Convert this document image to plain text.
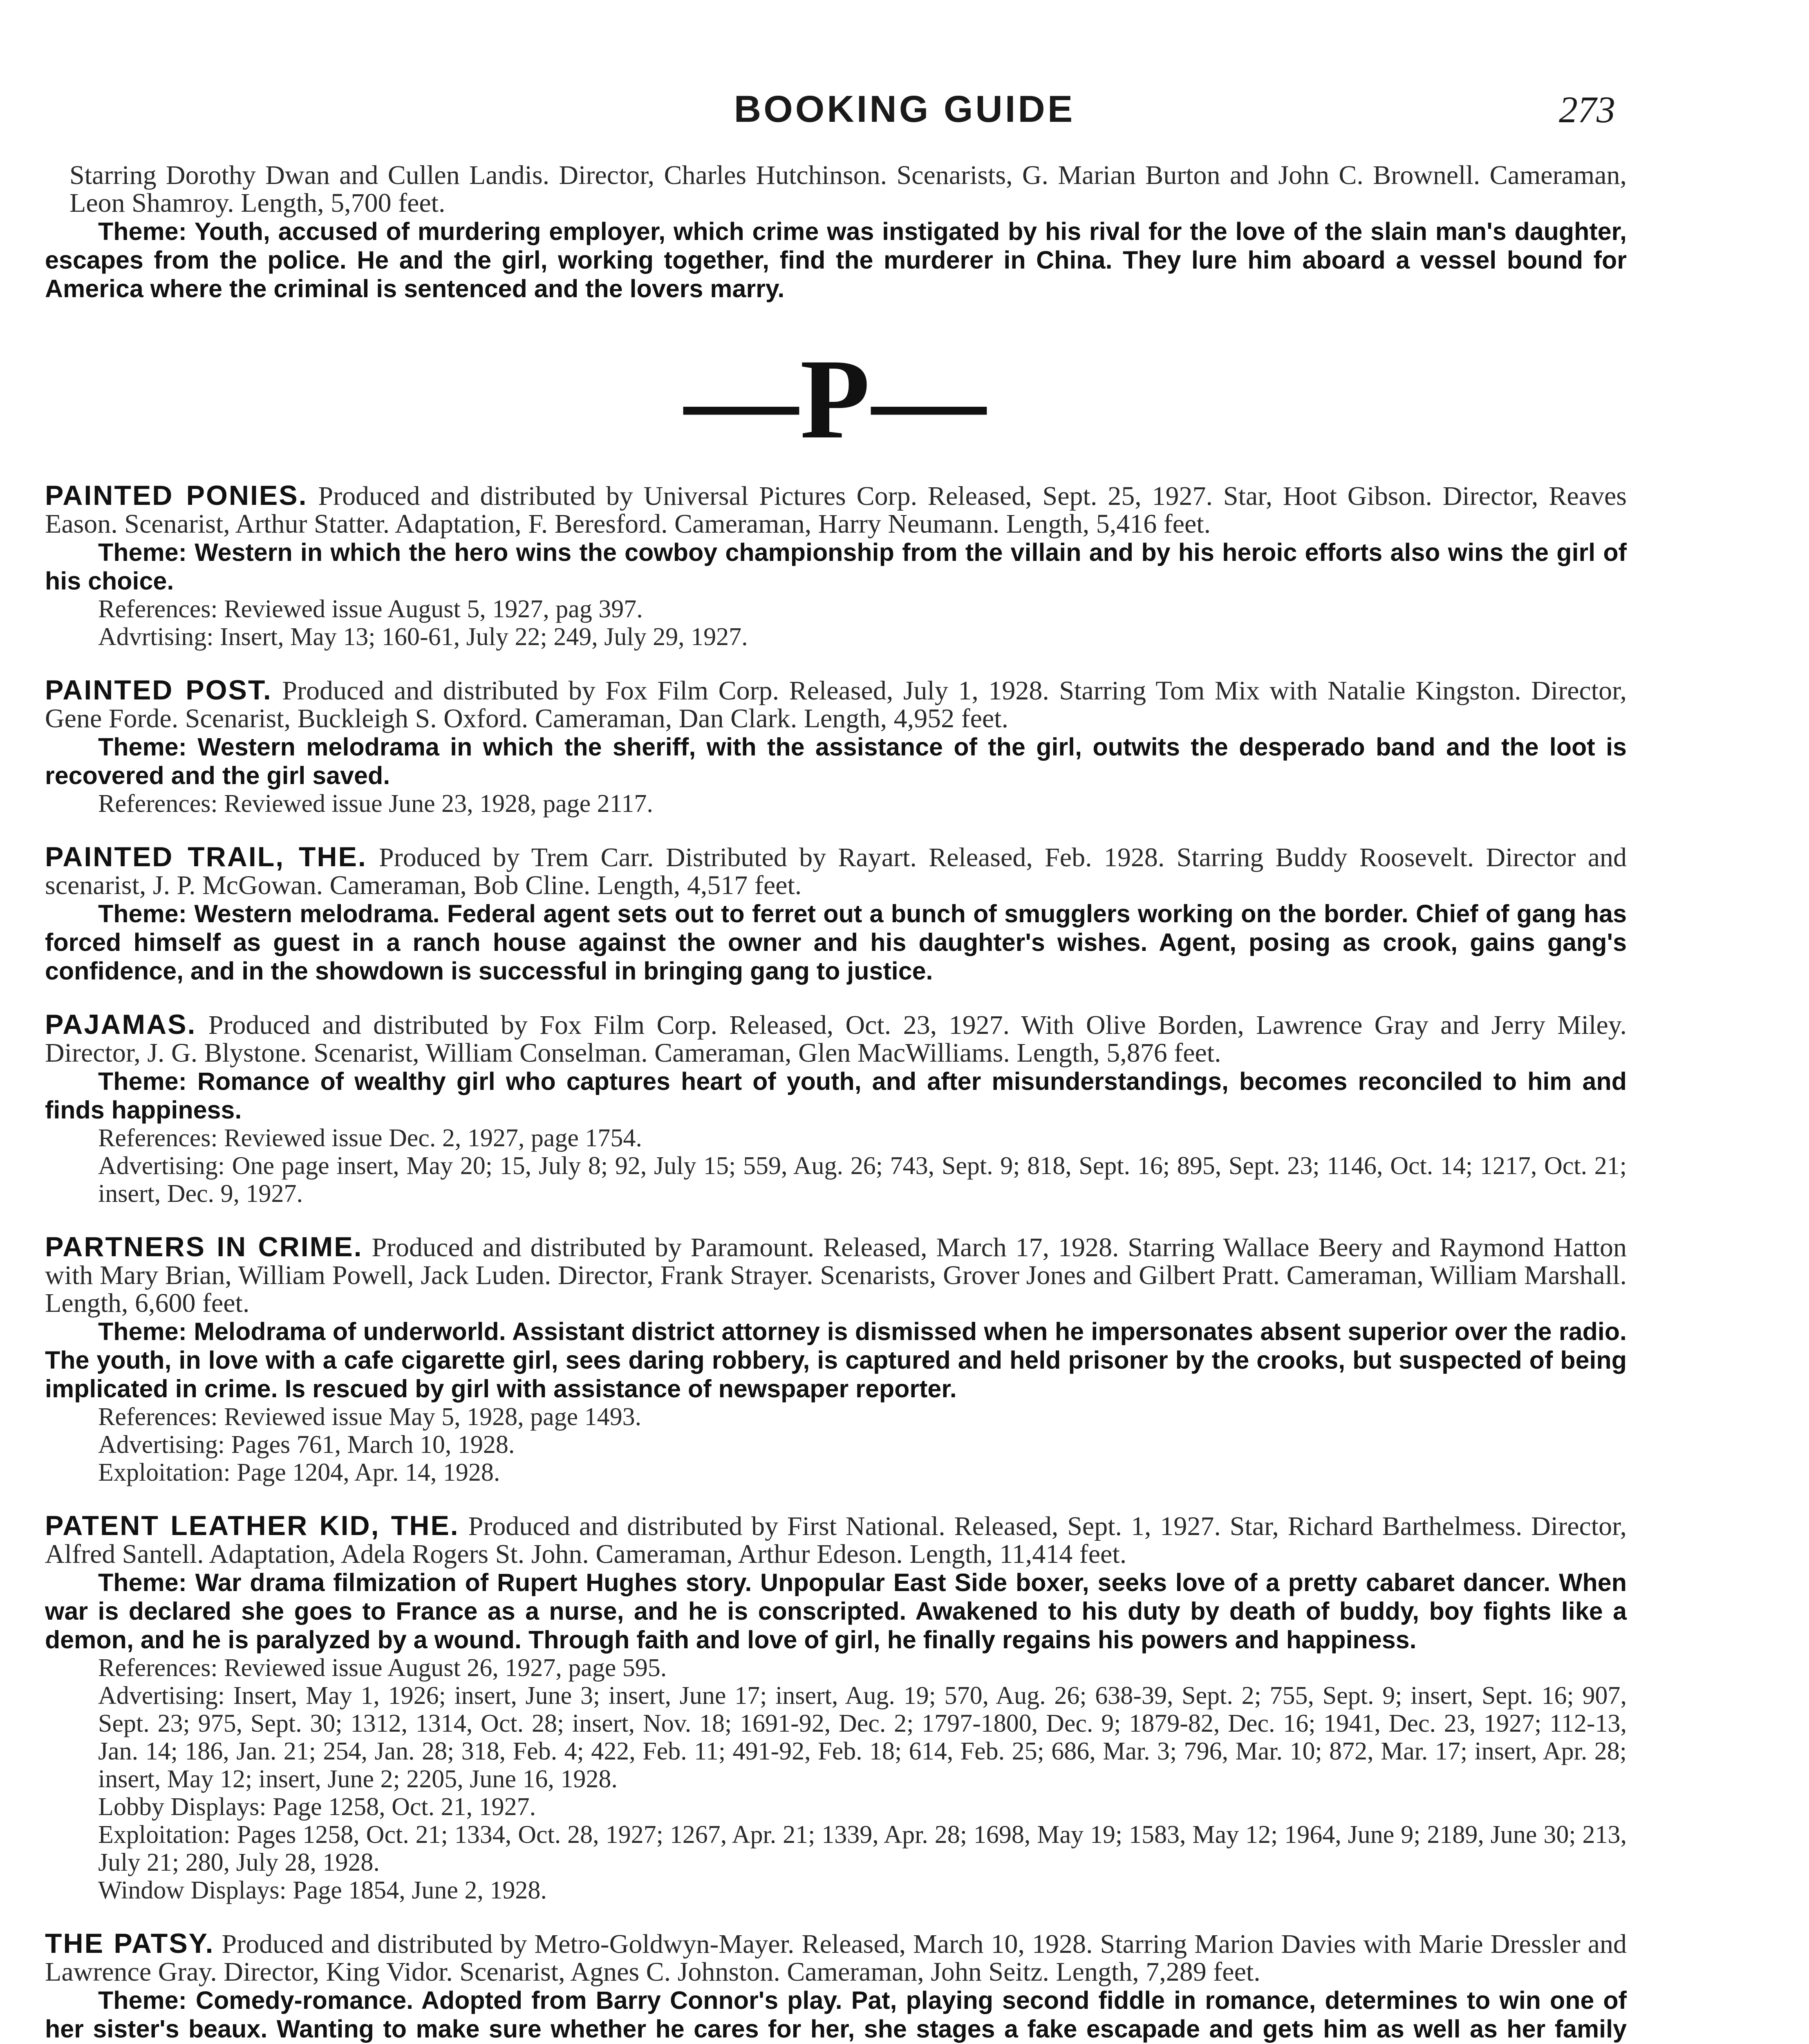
BOOKING GUIDE	273

Starring Dorothy Dwan and Cullen Landis. Director, Charles Hutchinson. Scenarists, G. Marian Burton and John C. Brownell. Cameraman, Leon Shamroy. Length, 5,700 feet.

Theme: Youth, accused of murdering employer, which crime was instigated by his rival for the love of the slain man's daughter, escapes from the police. He and the girl, working together, find the murderer in China. They lure him aboard a vessel bound for America where the criminal is sentenced and the lovers marry.

—P—

PAINTED PONIES. Produced and distributed by Universal Pictures Corp. Released, Sept. 25, 1927. Star, Hoot Gibson. Director, Reaves Eason. Scenarist, Arthur Statter. Adaptation, F. Beresford. Cameraman, Harry Neumann. Length, 5,416 feet.

Theme: Western in which the hero wins the cowboy championship from the villain and by his heroic efforts also wins the girl of his choice.

References: Reviewed issue August 5, 1927, pag 397.

Advrtising: Insert, May 13; 160-61, July 22; 249, July 29, 1927.

PAINTED POST. Produced and distributed by Fox Film Corp. Released, July 1, 1928. Starring Tom Mix with Natalie Kingston. Director, Gene Forde. Scenarist, Buckleigh S. Oxford. Cameraman, Dan Clark. Length, 4,952 feet.

Theme: Western melodrama in which the sheriff, with the assistance of the girl, outwits the desperado band and the loot is recovered and the girl saved.

References: Reviewed issue June 23, 1928, page 2117.

PAINTED TRAIL, THE. Produced by Trem Carr. Distributed by Rayart. Released, Feb. 1928. Starring Buddy Roosevelt. Director and scenarist, J. P. McGowan. Cameraman, Bob Cline. Length, 4,517 feet.

Theme: Western melodrama. Federal agent sets out to ferret out a bunch of smugglers working on the border. Chief of gang has forced himself as guest in a ranch house against the owner and his daughter's wishes. Agent, posing as crook, gains gang's confidence, and in the showdown is successful in bringing gang to justice.

PAJAMAS. Produced and distributed by Fox Film Corp. Released, Oct. 23, 1927. With Olive Borden, Lawrence Gray and Jerry Miley. Director, J. G. Blystone. Scenarist, William Conselman. Cameraman, Glen MacWilliams. Length, 5,876 feet.

Theme: Romance of wealthy girl who captures heart of youth, and after misunderstandings, becomes reconciled to him and finds happiness.

References: Reviewed issue Dec. 2, 1927, page 1754.

Advertising: One page insert, May 20; 15, July 8; 92, July 15; 559, Aug. 26; 743, Sept. 9; 818, Sept. 16; 895, Sept. 23; 1146, Oct. 14; 1217, Oct. 21; insert, Dec. 9, 1927.

PARTNERS IN CRIME. Produced and distributed by Paramount. Released, March 17, 1928. Starring Wallace Beery and Raymond Hatton with Mary Brian, William Powell, Jack Luden. Director, Frank Strayer. Scenarists, Grover Jones and Gilbert Pratt. Cameraman, William Marshall. Length, 6,600 feet.

Theme: Melodrama of underworld. Assistant district attorney is dismissed when he impersonates absent superior over the radio. The youth, in love with a cafe cigarette girl, sees daring robbery, is captured and held prisoner by the crooks, but suspected of being implicated in crime. Is rescued by girl with assistance of newspaper reporter.

References: Reviewed issue May 5, 1928, page 1493.

Advertising: Pages 761, March 10, 1928.

Exploitation: Page 1204, Apr. 14, 1928.

PATENT LEATHER KID, THE. Produced and distributed by First National. Released, Sept. 1, 1927. Star, Richard Barthelmess. Director, Alfred Santell. Adaptation, Adela Rogers St. John. Cameraman, Arthur Edeson. Length, 11,414 feet.

Theme: War drama filmization of Rupert Hughes story. Unpopular East Side boxer, seeks love of a pretty cabaret dancer. When war is declared she goes to France as a nurse, and he is conscripted. Awakened to his duty by death of buddy, boy fights like a demon, and he is paralyzed by a wound. Through faith and love of girl, he finally regains his powers and happiness.

References: Reviewed issue August 26, 1927, page 595.

Advertising: Insert, May 1, 1926; insert, June 3; insert, June 17; insert, Aug. 19; 570, Aug. 26; 638-39, Sept. 2; 755, Sept. 9; insert, Sept. 16; 907, Sept. 23; 975, Sept. 30; 1312, 1314, Oct. 28; insert, Nov. 18; 1691-92, Dec. 2; 1797-1800, Dec. 9; 1879-82, Dec. 16; 1941, Dec. 23, 1927; 112-13, Jan. 14; 186, Jan. 21; 254, Jan. 28; 318, Feb. 4; 422, Feb. 11; 491-92, Feb. 18; 614, Feb. 25; 686, Mar. 3; 796, Mar. 10; 872, Mar. 17; insert, Apr. 28; insert, May 12; insert, June 2; 2205, June 16, 1928.

Lobby Displays: Page 1258, Oct. 21, 1927.

Exploitation: Pages 1258, Oct. 21; 1334, Oct. 28, 1927; 1267, Apr. 21; 1339, Apr. 28; 1698, May 19; 1583, May 12; 1964, June 9; 2189, June 30; 213, July 21; 280, July 28, 1928.

Window Displays: Page 1854, June 2, 1928.

THE PATSY. Produced and distributed by Metro-Goldwyn-Mayer. Released, March 10, 1928. Starring Marion Davies with Marie Dressler and Lawrence Gray. Director, King Vidor. Scenarist, Agnes C. Johnston. Cameraman, John Seitz. Length, 7,289 feet.

Theme: Comedy-romance. Adopted from Barry Connor's play. Pat, playing second fiddle in romance, determines to win one of her sister's beaux. Wanting to make sure whether he cares for her, she stages a fake escapade and gets him as well as her family
